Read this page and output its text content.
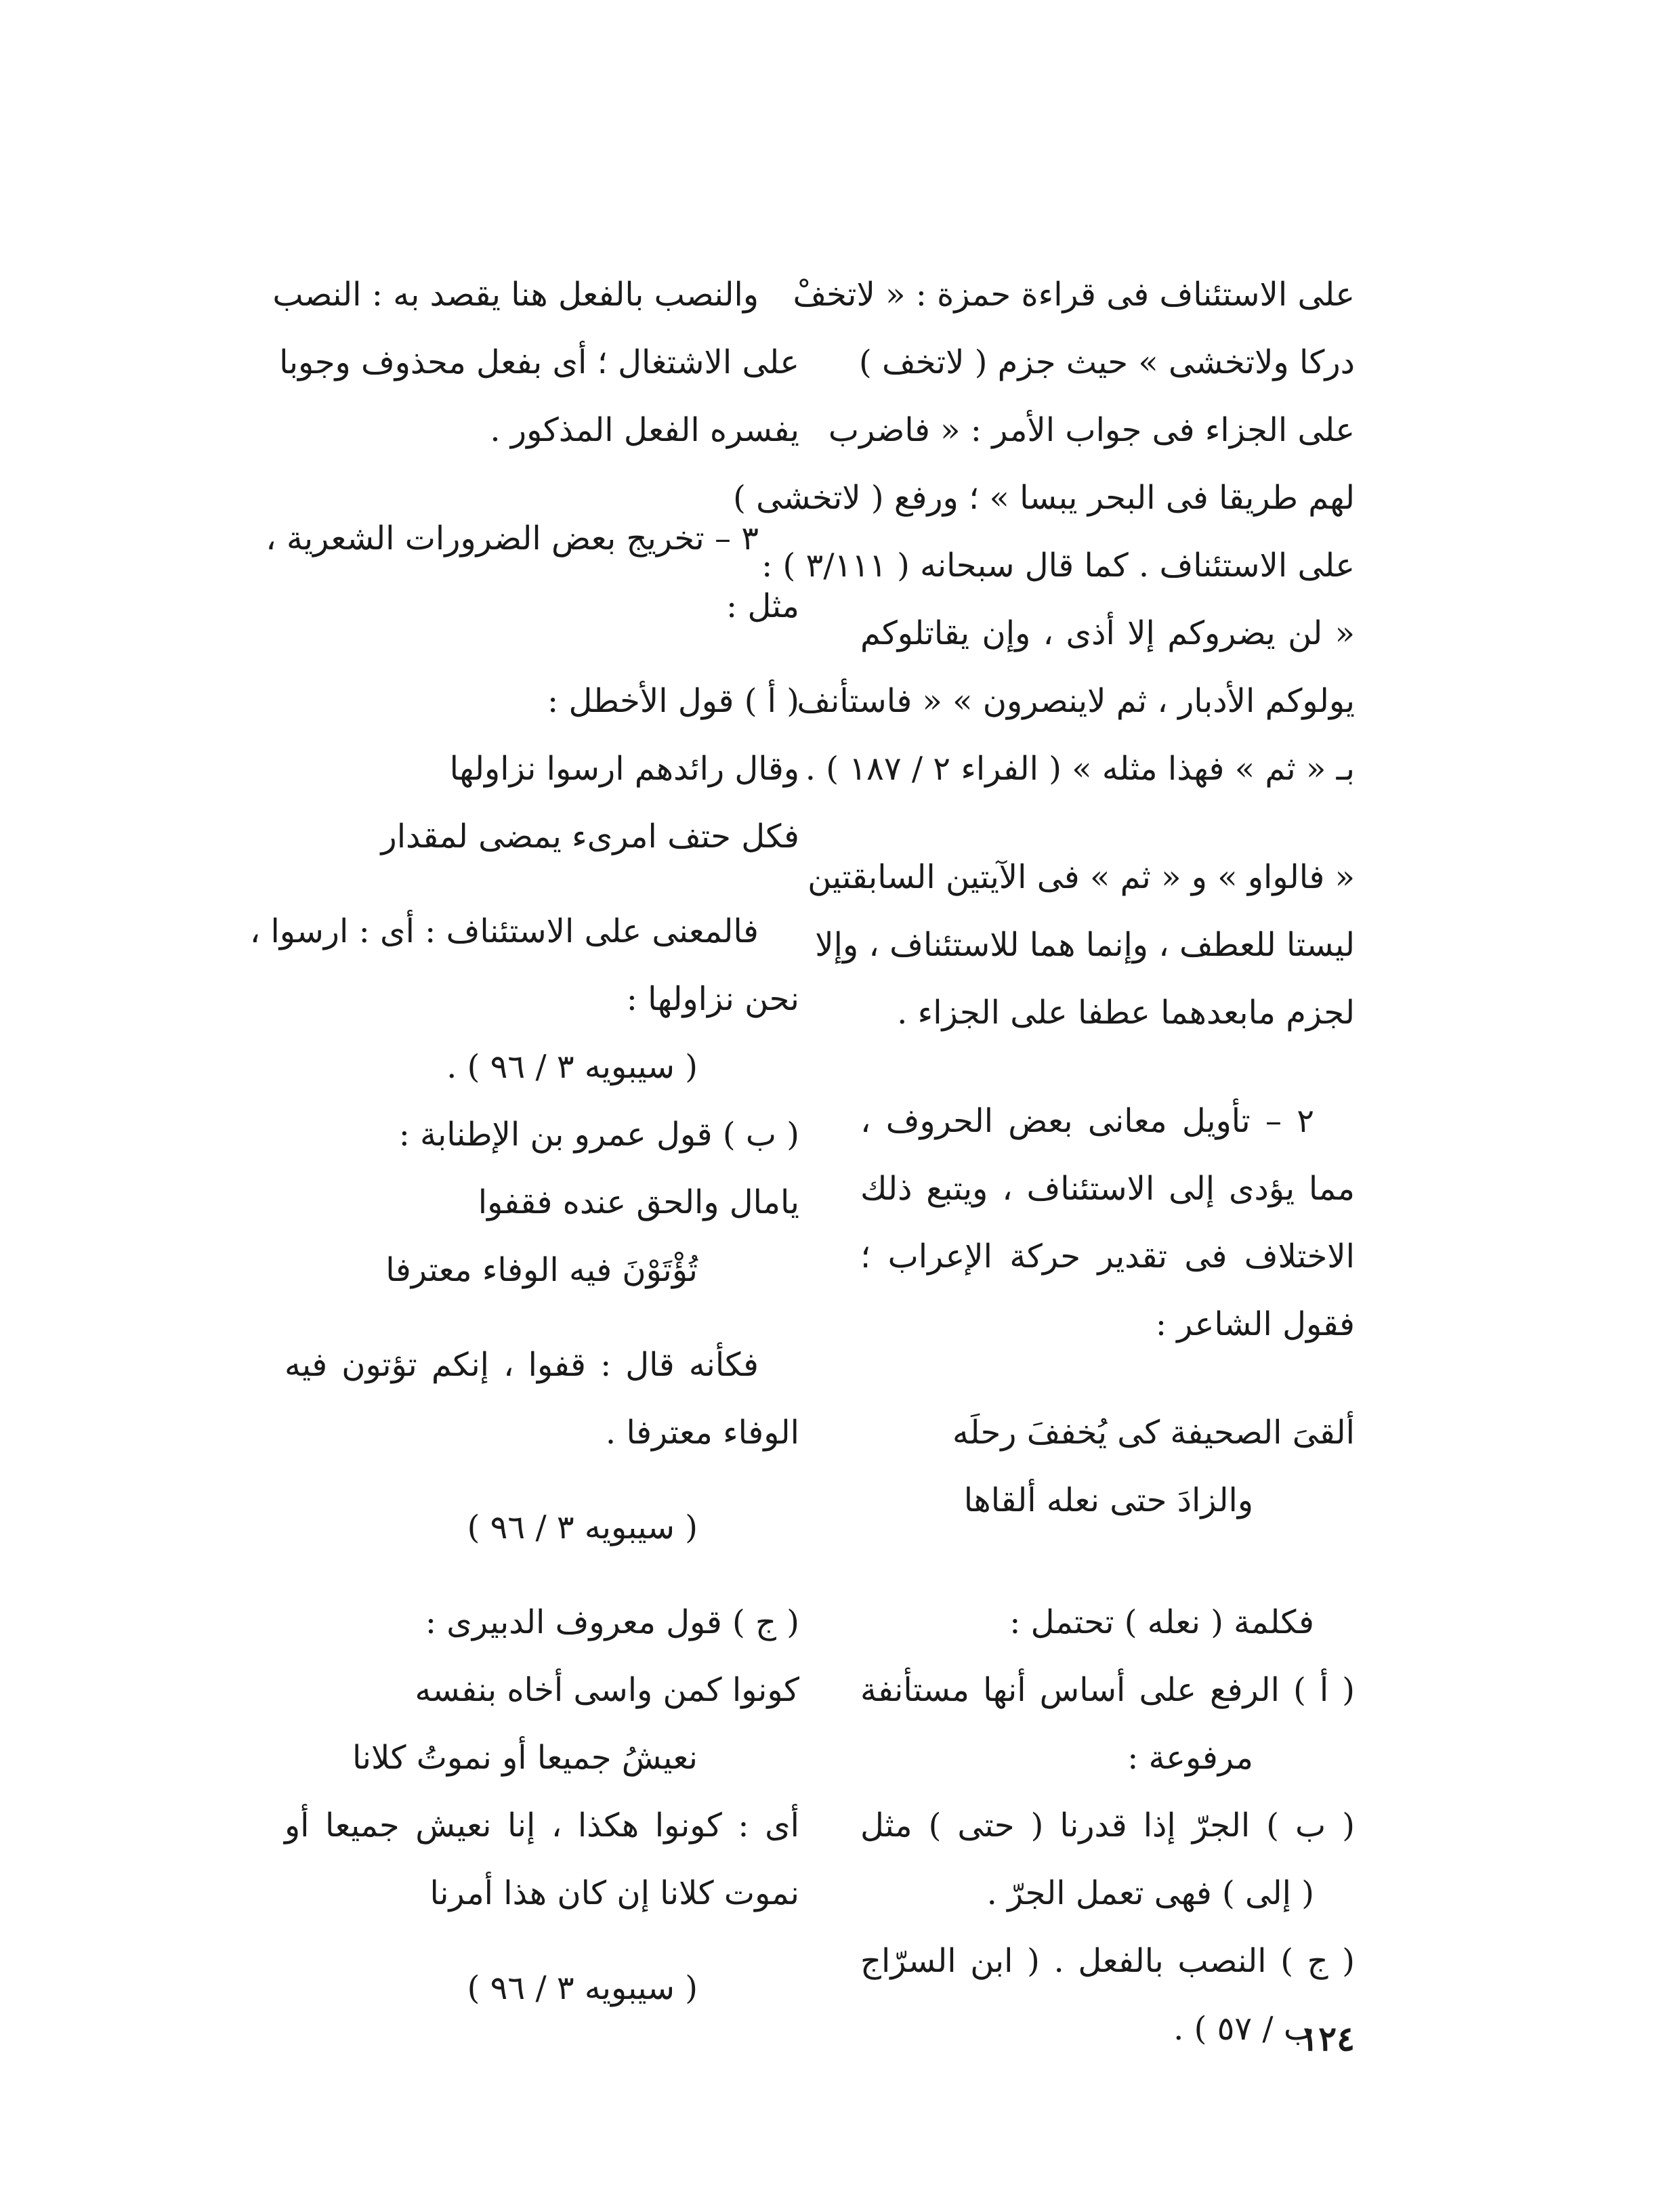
على الاستئناف فى قراءة حمزة : « لاتخفْ
دركا ولاتخشى » حيث جزم ( لاتخف )
على الجزاء فى جواب الأمر : « فاضرب
لهم طريقا فى البحر يبسا » ؛ ورفع ( لاتخشى )
على الاستئناف . كما قال سبحانه ( ٣/١١١ ) :
« لن يضروكم إلا أذى ، وإن يقاتلوكم
يولوكم الأدبار ، ثم لاينصرون » « فاستأنف
بـ « ثم » فهذا مثله » ( الفراء ٢ / ١٨٧ ) .
« فالواو » و « ثم » فى الآيتين السابقتين
ليستا للعطف ، وإنما هما للاستئناف ، وإلا
لجزم مابعدهما عطفا على الجزاء .
٢ – تأويل معانى بعض الحروف ،
مما يؤدى إلى الاستئناف ، ويتبع ذلك
الاختلاف فى تقدير حركة الإعراب ؛
فقول الشاعر :
ألقىَ الصحيفة كى يُخففَ رحلَه
والزادَ حتى نعله ألقاها
فكلمة ( نعله ) تحتمل :
( أ ) الرفع على أساس أنها مستأنفة
مرفوعة :
( ب ) الجرّ إذا قدرنا ( حتى ) مثل
( إلى ) فهى تعمل الجرّ .
( ج ) النصب بالفعل . ( ابن السرّاج
ب / ٥٧ ) .
والنصب بالفعل هنا يقصد به : النصب
على الاشتغال ؛ أى بفعل محذوف وجوبا
يفسره الفعل المذكور .
٣ – تخريج بعض الضرورات الشعرية ،
مثل :
( أ ) قول الأخطل :
وقال رائدهم ارسوا نزاولها
فكل حتف امرىء يمضى لمقدار
فالمعنى على الاستئناف : أى : ارسوا ،
نحن نزاولها :
( سيبويه ٣ / ٩٦ ) .
( ب ) قول عمرو بن الإطنابة :
يامال والحق عنده فقفوا
تُؤْتَوْنَ فيه الوفاء معترفا
فكأنه قال : قفوا ، إنكم تؤتون فيه
الوفاء معترفا .
( سيبويه ٣ / ٩٦ )
( ج ) قول معروف الدبيرى :
كونوا كمن واسى أخاه بنفسه
نعيشُ جميعا أو نموتُ كلانا
أى : كونوا هكذا ، إنا نعيش جميعا أو
نموت كلانا إن كان هذا أمرنا
( سيبويه ٣ / ٩٦ )
١٢٤
